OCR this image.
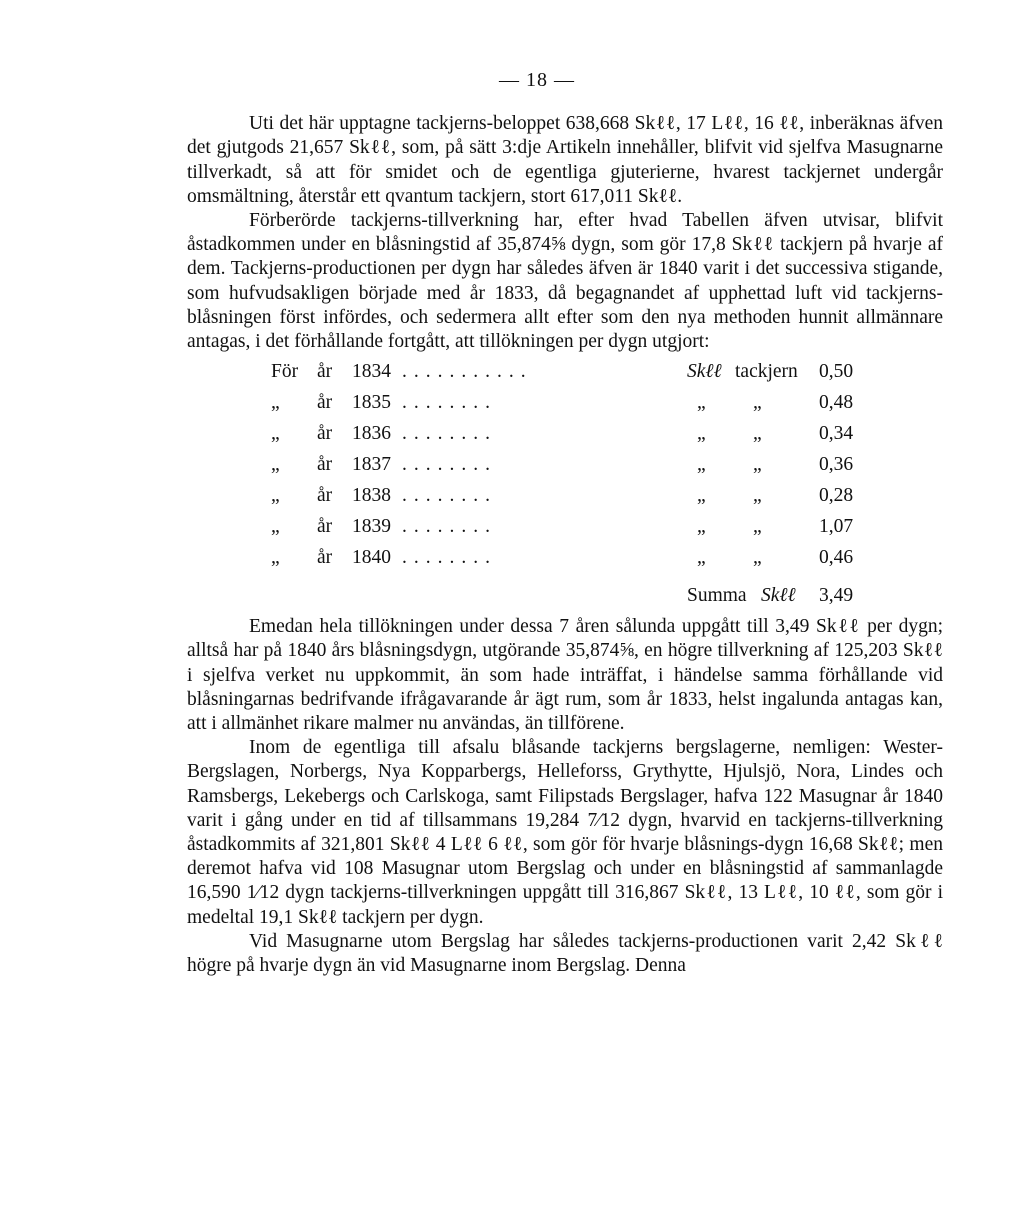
— 18 —

Uti det här upptagne tackjerns-beloppet 638,668 Skℓℓ, 17 Lℓℓ, 16 ℓℓ, inberäknas äfven det gjutgods 21,657 Skℓℓ, som, på sätt 3:dje Artikeln innehåller, blifvit vid sjelfva Masugnarne tillverkadt, så att för smidet och de egentliga gjuterierne, hvarest tackjernet undergår omsmältning, återstår ett qvantum tackjern, stort 617,011 Skℓℓ.

Förberörde tackjerns-tillverkning har, efter hvad Tabellen äfven utvisar, blifvit åstadkommen under en blåsningstid af 35,874⅝ dygn, som gör 17,8 Skℓℓ tackjern på hvarje af dem. Tackjerns-productionen per dygn har således äfven är 1840 varit i det successiva stigande, som hufvudsakligen började med år 1833, då begagnandet af upphettad luft vid tackjerns-blåsningen först infördes, och sedermera allt efter som den nya methoden hunnit allmännare antagas, i det förhållande fortgått, att tillökningen per dygn utgjort:

För år 1834 ...........	Skℓℓ tackjern 0,50
„ år 1835 ........	„ „	0,48
„ år 1836 ........	„ „	0,34
„ år 1837 ........	„ „	0,36
„ år 1838 ........	„ „	0,28
„ år 1839 ........	„ „	1,07
„ år 1840 ........	„ „	0,46
Summa Skℓℓ 3,49

Emedan hela tillökningen under dessa 7 åren sålunda uppgått till 3,49 Skℓℓ per dygn; alltså har på 1840 års blåsningsdygn, utgörande 35,874⅝, en högre tillverkning af 125,203 Skℓℓ i sjelfva verket nu uppkommit, än som hade inträffat, i händelse samma förhållande vid blåsningarnas bedrifvande ifrågavarande år ägt rum, som år 1833, helst ingalunda antagas kan, att i allmänhet rikare malmer nu användas, än tillförene.

Inom de egentliga till afsalu blåsande tackjerns bergslagerne, nemligen: Wester-Bergslagen, Norbergs, Nya Kopparbergs, Helleforss, Grythytte, Hjulsjö, Nora, Lindes och Ramsbergs, Lekebergs och Carlskoga, samt Filipstads Bergslager, hafva 122 Masugnar år 1840 varit i gång under en tid af tillsammans 19,284 7⁄12 dygn, hvarvid en tackjerns-tillverkning åstadkommits af 321,801 Skℓℓ 4 Lℓℓ 6 ℓℓ, som gör för hvarje blåsnings-dygn 16,68 Skℓℓ; men deremot hafva vid 108 Masugnar utom Bergslag och under en blåsningstid af sammanlagde 16,590 1⁄12 dygn tackjerns-tillverkningen uppgått till 316,867 Skℓℓ, 13 Lℓℓ, 10 ℓℓ, som gör i medeltal 19,1 Skℓℓ tackjern per dygn.

Vid Masugnarne utom Bergslag har således tackjerns-productionen varit 2,42 Skℓℓ högre på hvarje dygn än vid Masugnarne inom Bergslag. Denna
